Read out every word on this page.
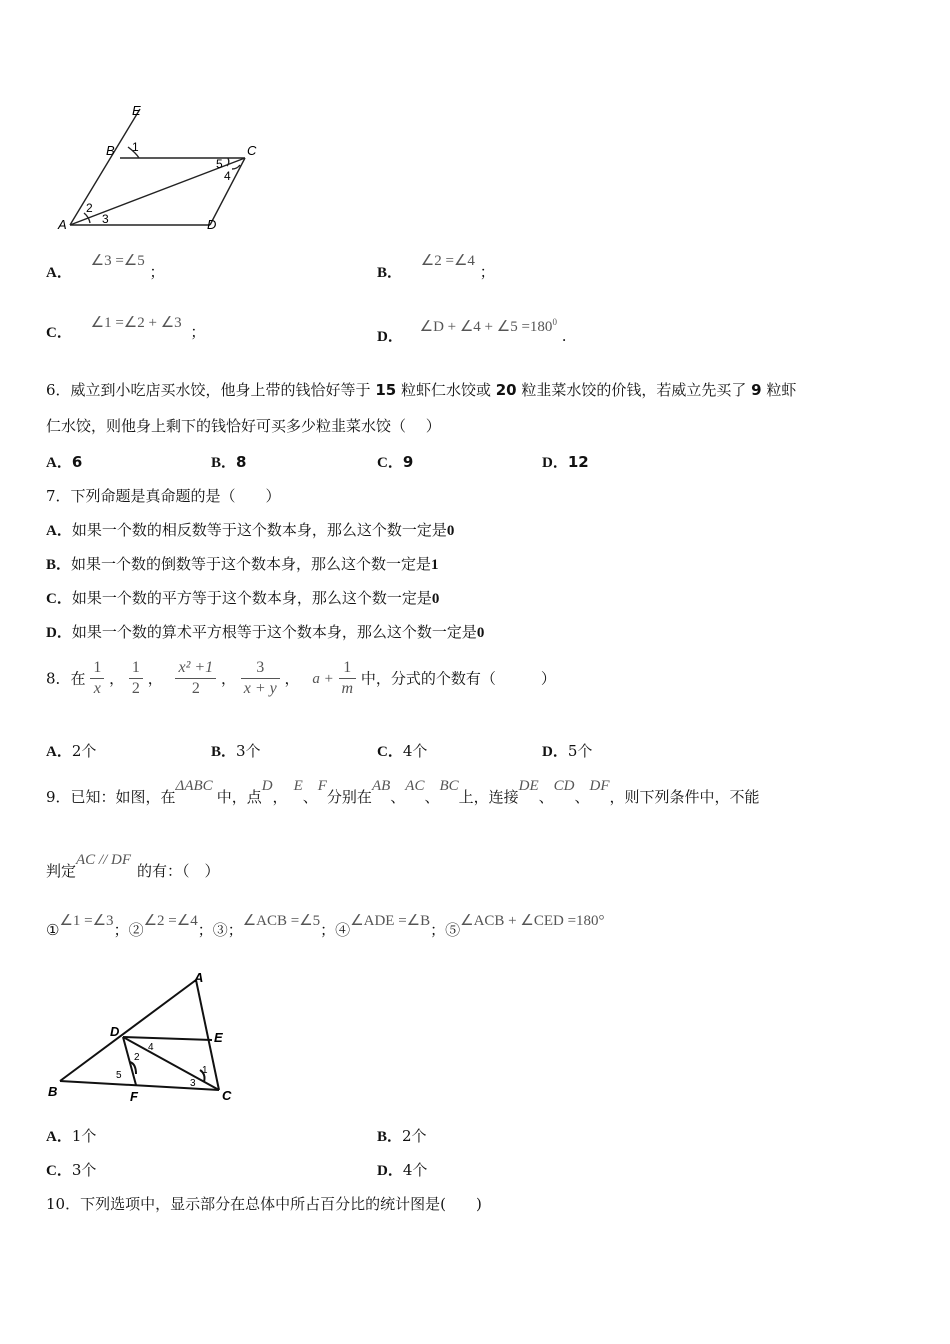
E
B	C
A	D
1
2
3
4
5
A． ∠3 =∠5 ；	B． ∠2 =∠4 ；
C． ∠1 =∠2 + ∠3 ；	D． ∠D + ∠4 + ∠5 $=180^0$ .
6．威立到小吃店买水饺，他身上带的钱恰好等于 15 粒虾仁水饺或 20 粒韭菜水饺的价钱，若威立先买了 9 粒虾
仁水饺，则他身上剩下的钱恰好可买多少粒韭菜水饺（　 ）
A．6	B．8	C．9	D．12
7．下列命题是真命题的是（　　）
A．如果一个数的相反数等于这个数本身，那么这个数一定是0
B．如果一个数的倒数等于这个数本身，那么这个数一定是1
C．如果一个数的平方等于这个数本身，那么这个数一定是0
D．如果一个数的算术平方根等于这个数本身，那么这个数一定是0
8．在 $\frac{1}{x}$ ， $\frac{1}{2}$ ， $\frac{\text{x² +1}}{2}$ ， $\frac{3}{x + y}$ ， $a + \frac{1}{m}$ 中，分式的个数有（　　　）
A．2个	B．3个	C．4个	D．5个
9．已知：如图，在ΔABC中，点D，E、F分别在AB、AC、BC上，连接DE、CD、DF，则下列条件中，不能
判定AC // DF的有：（　）
①∠1 =∠3；②∠2 =∠4；③；∠ACB =∠5；④∠ADE =∠B；⑤∠ACB + ∠CED =180°
A
B	C
D	E
F
2
4
5	1
3
A．1个	B．2个
C．3个	D．4个
10．下列选项中，显示部分在总体中所占百分比的统计图是(　　)
